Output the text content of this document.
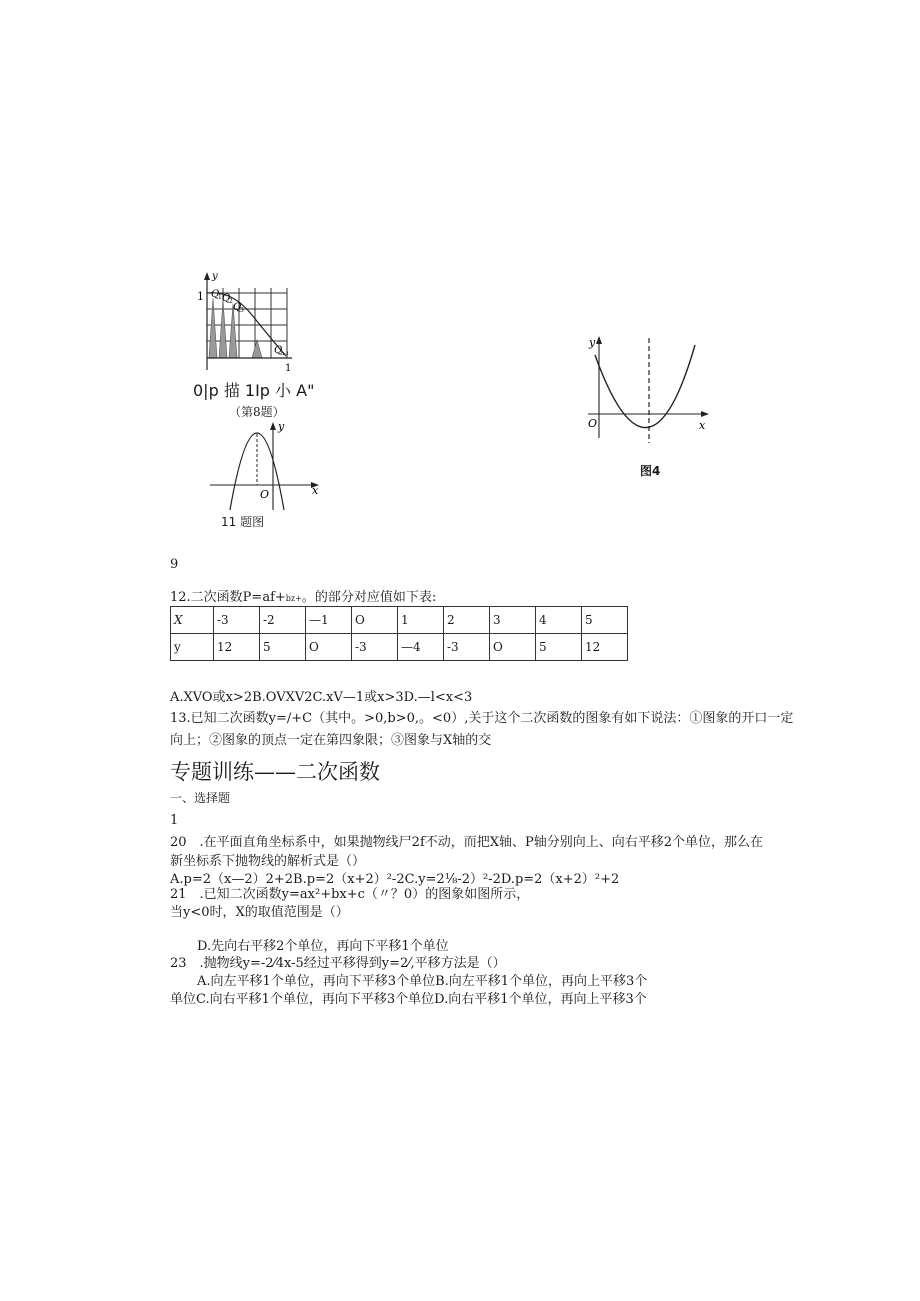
y
1 Q
1 Q
2
Q
3
Q
n-1
1
0|p 描 1Ip 小 A"
（第8题）
y
x
O
11 题图
y
x
O
图4
9
12.二次函数P=af+bz+。的部分对应值如下表:
X	-3	-2	—1	O	1	2	3	4	5
y	12	5	O	-3	—4	-3	O	5	12
A.XVO或x>2B.OVXV2C.xV—1或x>3D.—l<x<3
13.已知二次函数y=/+C（其中。>0,b>0,。<0）,关于这个二次函数的图象有如下说法：①图象的开口一定
向上；②图象的顶点一定在第四象限；③图象与X轴的交
专题训练——二次函数
一、选择题
1
20　.在平面直角坐标系中，如果抛物线尸2f不动，而把X轴、P轴分别向上、向右平移2个单位，那么在
新坐标系下抛物线的解析式是（）
A.p=2（x—2）2+2B.p=2（x+2）²-2C.y=2⅛-2）²-2D.p=2（x+2）²+2
21　.已知二次函数y=ax²+bx+c（〃？0）的图象如图所示，
当y<0时，X的取值范围是（）
D.先向右平移2个单位，再向下平移1个单位
23　.抛物线y=-2⁄4x-5经过平移得到y=2⁄,平移方法是（）
A.向左平移1个单位，再向下平移3个单位B.向左平移1个单位，再向上平移3个
单位C.向右平移1个单位，再向下平移3个单位D.向右平移1个单位，再向上平移3个
